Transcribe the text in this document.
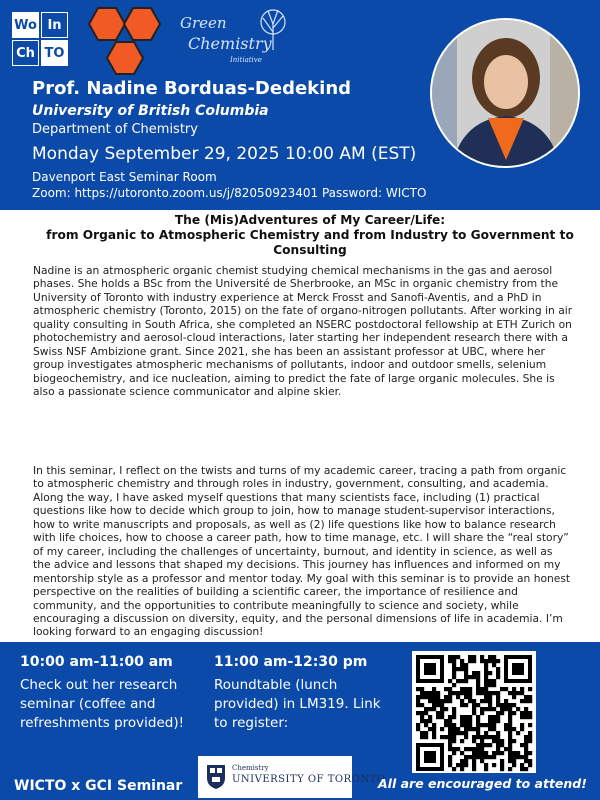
Wo In
Ch TO
Green
Chemistry
Initiative
Prof. Nadine Borduas-Dedekind
University of British Columbia
Department of Chemistry
Monday September 29, 2025 10:00 AM (EST)
Davenport East Seminar Room
Zoom: https://utoronto.zoom.us/j/82050923401 Password: WICTO
The (Mis)Adventures of My Career/Life:
from Organic to Atmospheric Chemistry and from Industry to Government to Consulting

Nadine is an atmospheric organic chemist studying chemical mechanisms in the gas and aerosol phases. She holds a BSc from the Université de Sherbrooke, an MSc in organic chemistry from the University of Toronto with industry experience at Merck Frosst and Sanofi-Aventis, and a PhD in atmospheric chemistry (Toronto, 2015) on the fate of organo-nitrogen pollutants. After working in air quality consulting in South Africa, she completed an NSERC postdoctoral fellowship at ETH Zurich on photochemistry and aerosol-cloud interactions, later starting her independent research there with a Swiss NSF Ambizione grant. Since 2021, she has been an assistant professor at UBC, where her group investigates atmospheric mechanisms of pollutants, indoor and outdoor smells, selenium biogeochemistry, and ice nucleation, aiming to predict the fate of large organic molecules. She is also a passionate science communicator and alpine skier.

In this seminar, I reflect on the twists and turns of my academic career, tracing a path from organic to atmospheric chemistry and through roles in industry, government, consulting, and academia. Along the way, I have asked myself questions that many scientists face, including (1) practical questions like how to decide which group to join, how to manage student-supervisor interactions, how to write manuscripts and proposals, as well as (2) life questions like how to balance research with life choices, how to choose a career path, how to time manage, etc. I will share the “real story” of my career, including the challenges of uncertainty, burnout, and identity in science, as well as the advice and lessons that shaped my decisions. This journey has influences and informed on my mentorship style as a professor and mentor today. My goal with this seminar is to provide an honest perspective on the realities of building a scientific career, the importance of resilience and community, and the opportunities to contribute meaningfully to science and society, while encouraging a discussion on diversity, equity, and the personal dimensions of life in academia. I’m looking forward to an engaging discussion!

10:00 am-11:00 am
Check out her research seminar (coffee and refreshments provided)!
11:00 am-12:30 pm
Roundtable (lunch provided) in LM319. Link to register:
WICTO x GCI Seminar
Chemistry
UNIVERSITY OF TORONTO
All are encouraged to attend!
